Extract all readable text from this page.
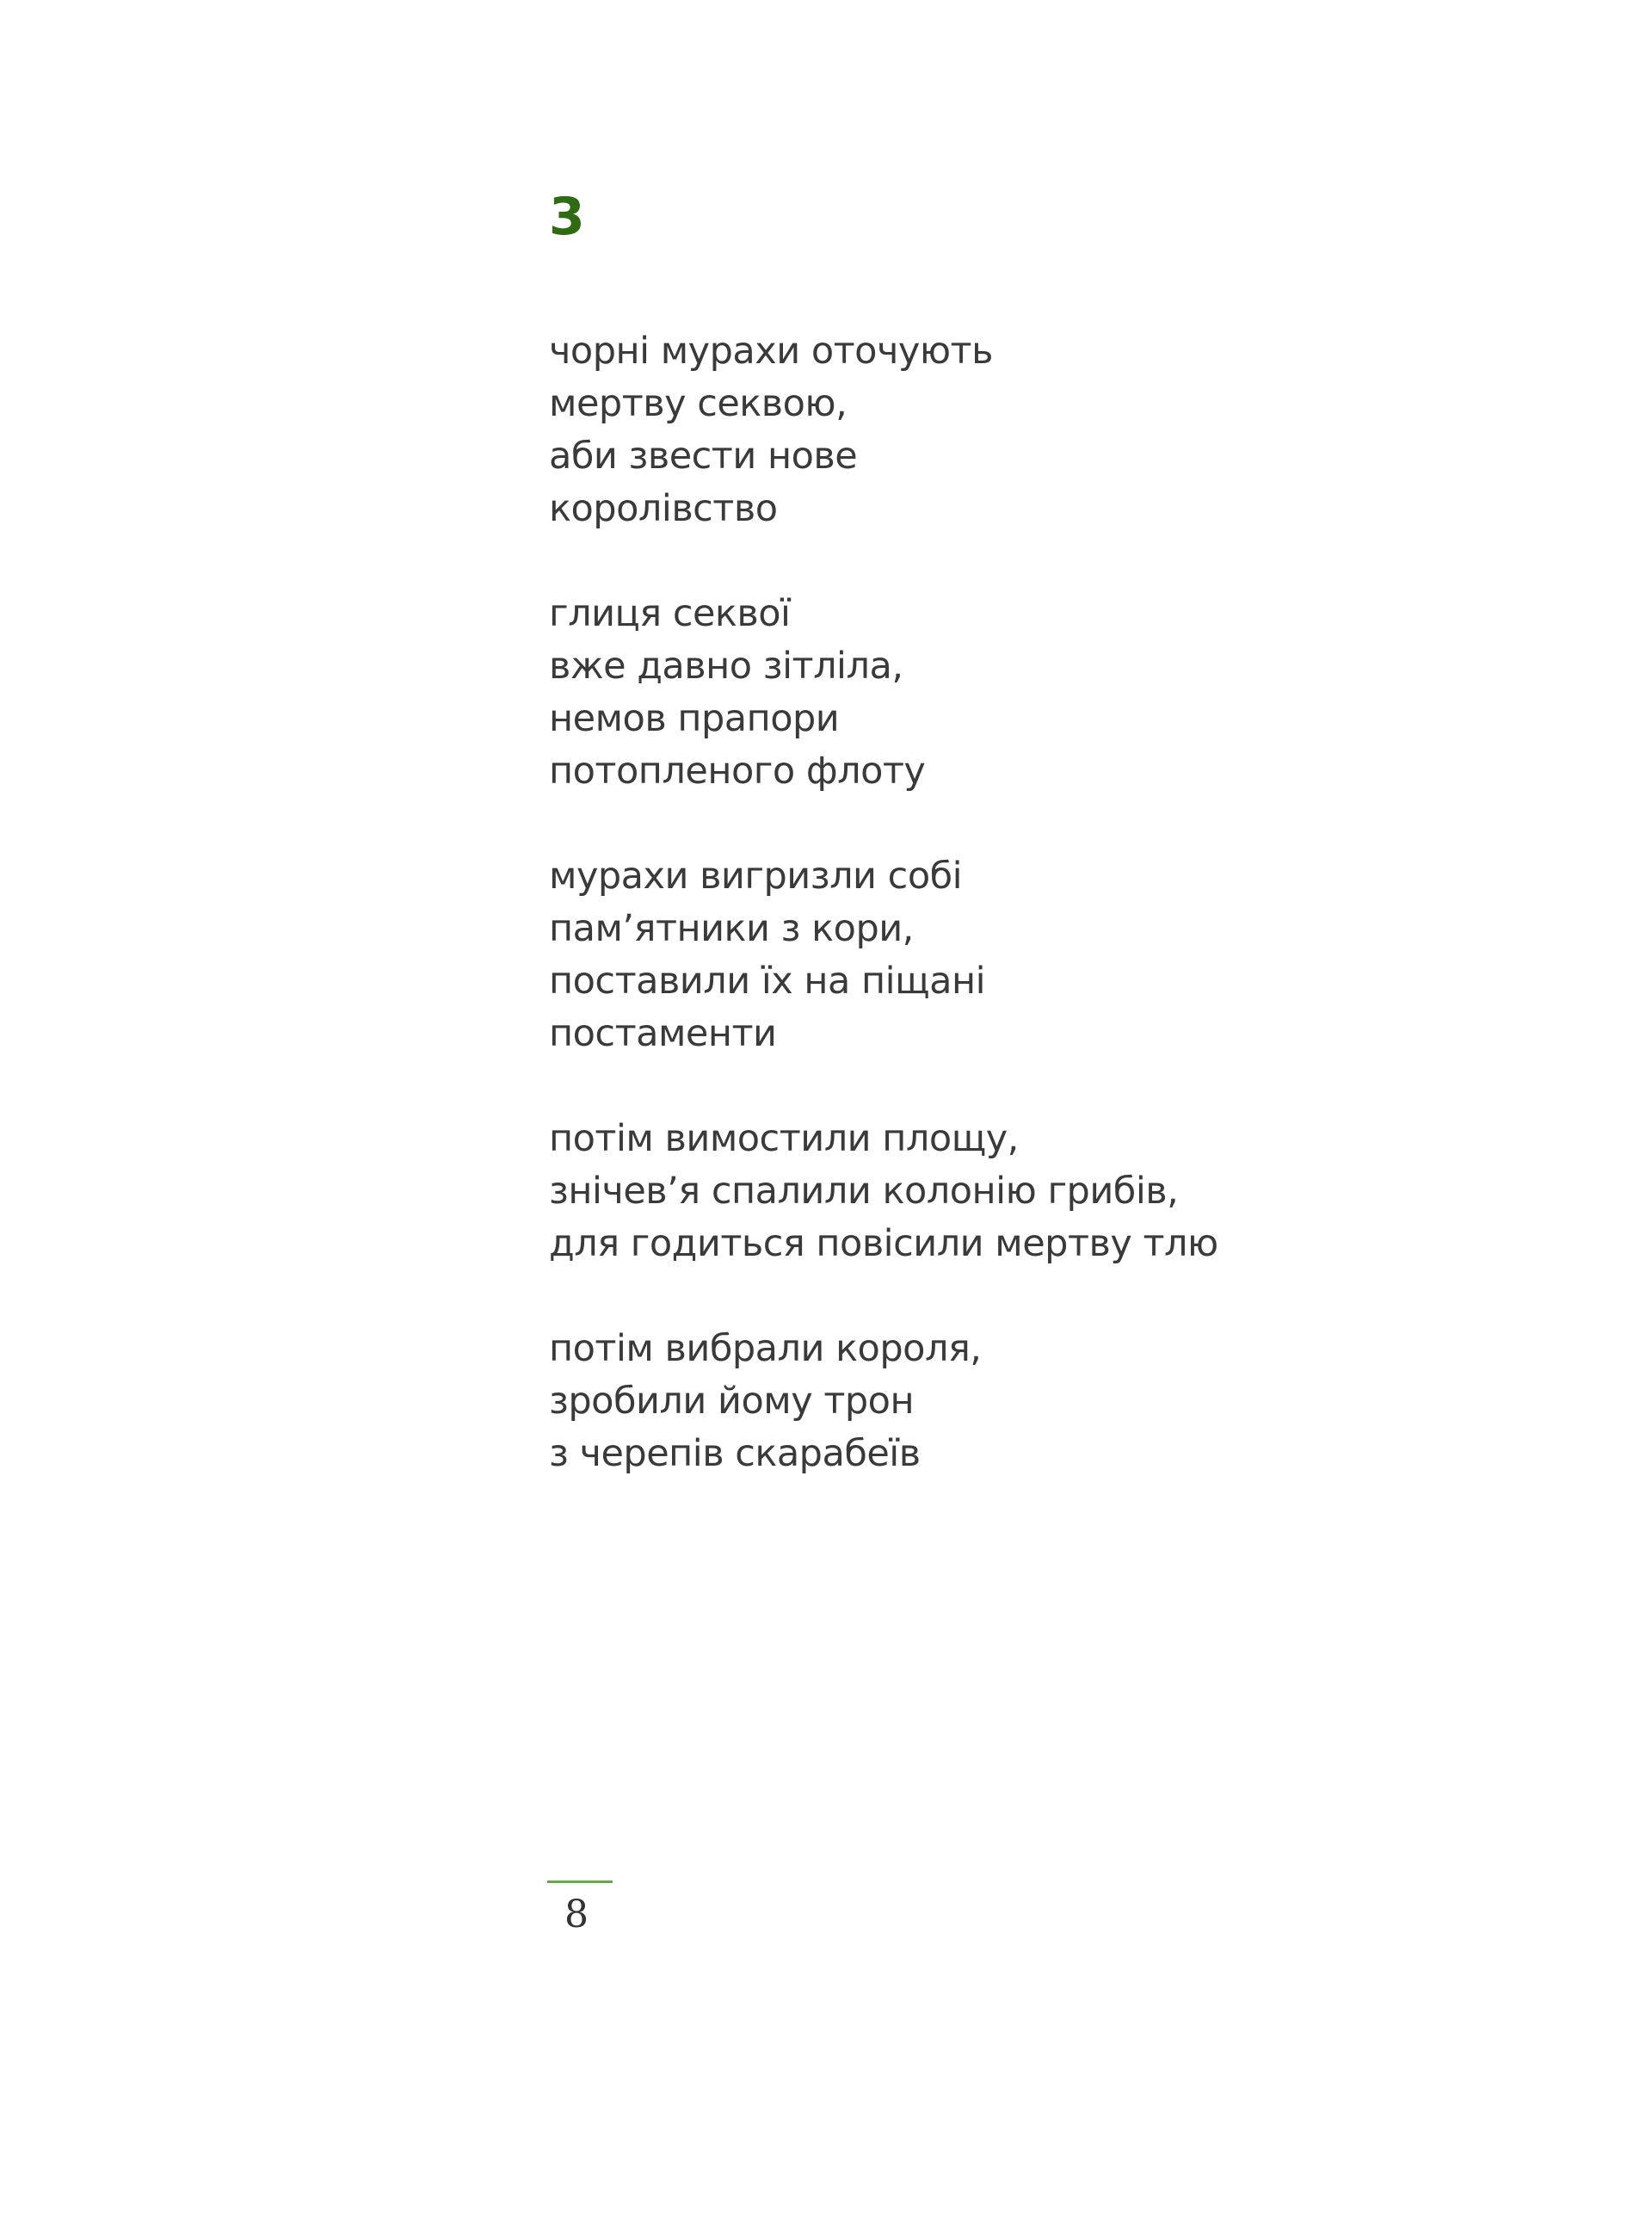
3
чорні мурахи оточують
мертву секвою,
аби звести нове
королівство
глиця секвої
вже давно зітліла,
немов прапори
потопленого флоту
мурахи вигризли собі
пам’ятники з кори,
поставили їх на піщані
постаменти
потім вимостили площу,
знічев’я спалили колонію грибів,
для годиться повісили мертву тлю
потім вибрали короля,
зробили йому трон
з черепів скарабеїв
8
